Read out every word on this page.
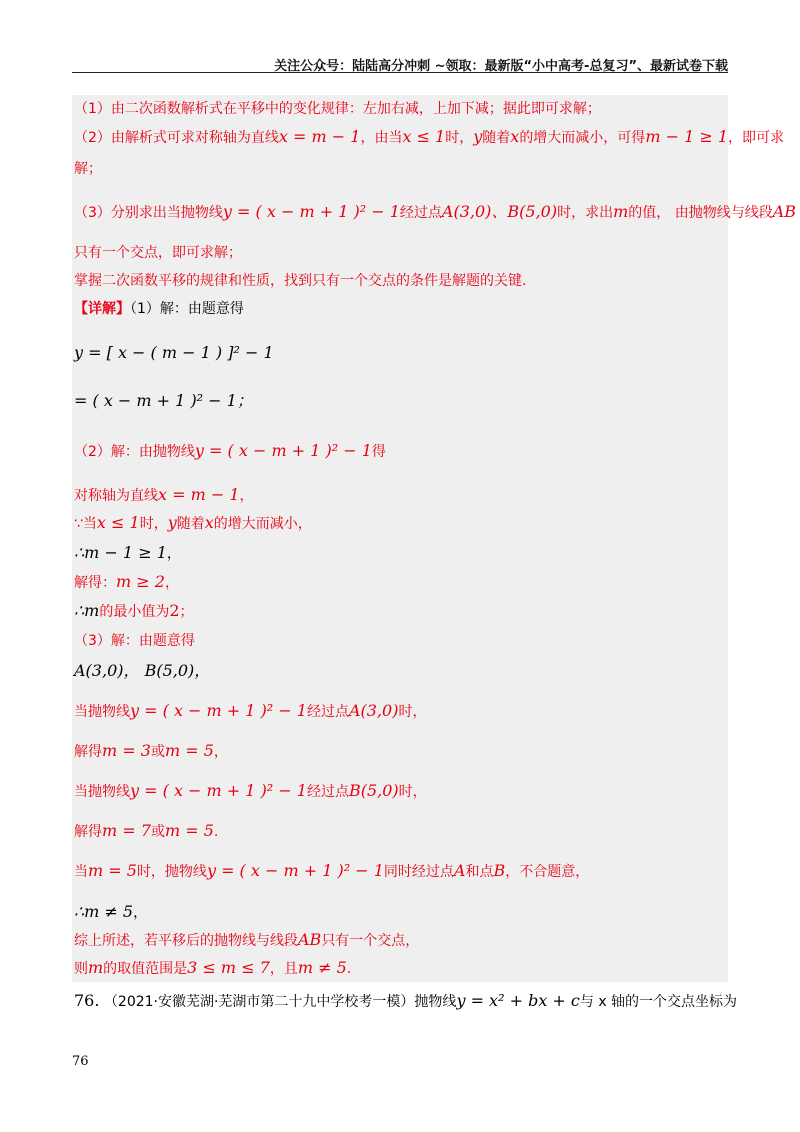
关注公众号：陆陆高分冲刺 ~领取：最新版“小中高考-总复习”、最新试卷下载
（1）由二次函数解析式在平移中的变化规律：左加右减，上加下减；据此即可求解；
（2）由解析式可求对称轴为直线x = m − 1，由当x ≤ 1时，y随着x的增大而减小，可得m − 1 ≥ 1，即可求
解；
（3）分别求出当抛物线y = ( x − m + 1 )² − 1经过点A(3,0)、B(5,0)时，求出m的值， 由抛物线与线段AB
只有一个交点，即可求解；
掌握二次函数平移的规律和性质，找到只有一个交点的条件是解题的关键.
【详解】（1）解：由题意得
y = [ x − ( m − 1 ) ]² − 1
= ( x − m + 1 )² − 1；
（2）解：由抛物线y = ( x − m + 1 )² − 1得
对称轴为直线x = m − 1，
∵当x ≤ 1时，y随着x的增大而减小，
∴m − 1 ≥ 1，
解得：m ≥ 2，
∴m的最小值为2；
（3）解：由题意得
A(3,0)， B(5,0)，
当抛物线y = ( x − m + 1 )² − 1经过点A(3,0)时，
解得m = 3或m = 5，
当抛物线y = ( x − m + 1 )² − 1经过点B(5,0)时，
解得m = 7或m = 5.
当m = 5时，抛物线y = ( x − m + 1 )² − 1同时经过点A和点B，不合题意，
∴m ≠ 5，
综上所述，若平移后的抛物线与线段AB只有一个交点，
则m的取值范围是3 ≤ m ≤ 7，且m ≠ 5.
76. （2021·安徽芜湖·芜湖市第二十九中学校考一模）抛物线y = x² + bx + c与 x 轴的一个交点坐标为
76
